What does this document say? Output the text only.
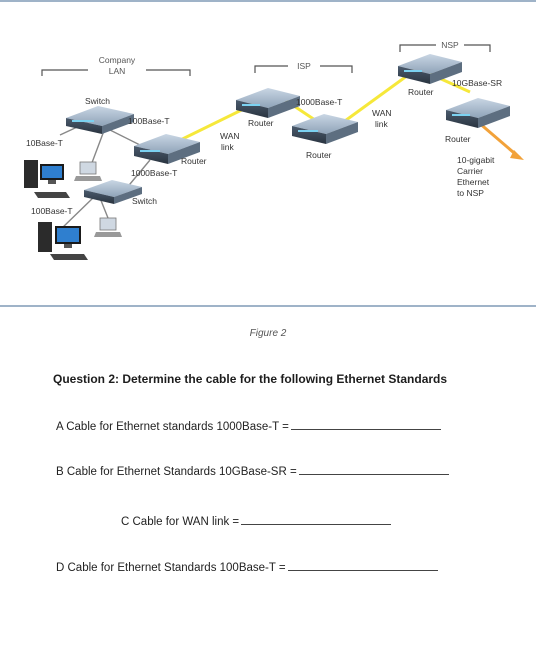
Company
LAN	ISP
NSP
Switch
Switch
10Base-T
100Base-T
100Base-T
Router
1000Base-T
WAN
link
Router
1000Base-T
Router
WAN
link
Router
10GBase-SR
Router
10-gigabit
Carrier
Ethernet
to NSP
Figure 2
Question 2: Determine the cable for the following Ethernet Standards
A Cable for Ethernet standards 1000Base-T =
B Cable for Ethernet Standards 10GBase-SR =
C Cable for WAN link =
D Cable for Ethernet Standards 100Base-T =
